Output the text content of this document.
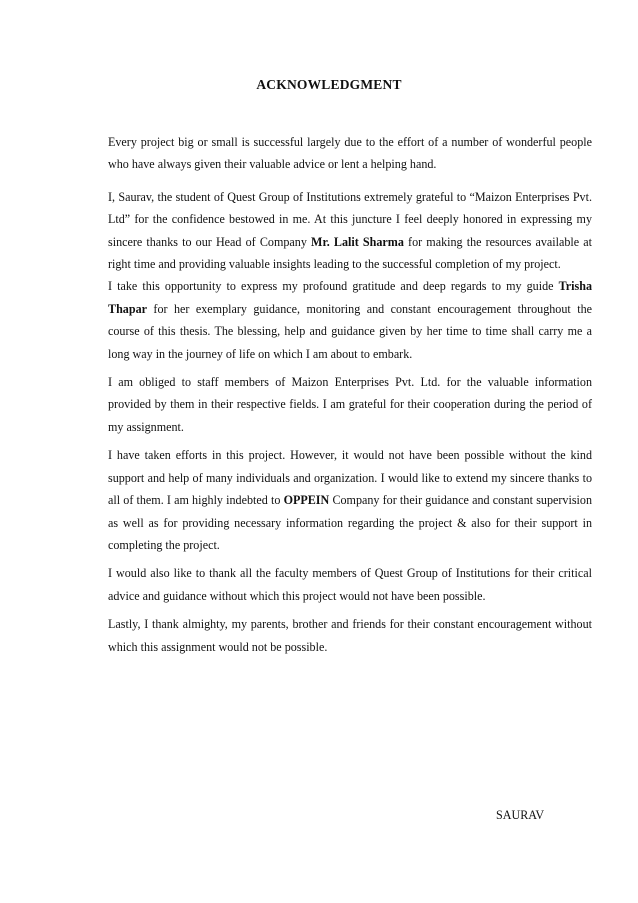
ACKNOWLEDGMENT

Every project big or small is successful largely due to the effort of a number of wonderful people who have always given their valuable advice or lent a helping hand.

I, Saurav, the student of Quest Group of Institutions extremely grateful to “Maizon Enterprises Pvt. Ltd” for the confidence bestowed in me. At this juncture I feel deeply honored in expressing my sincere thanks to our Head of Company Mr. Lalit Sharma for making the resources available at right time and providing valuable insights leading to the successful completion of my project.

I take this opportunity to express my profound gratitude and deep regards to my guide Trisha Thapar for her exemplary guidance, monitoring and constant encouragement throughout the course of this thesis. The blessing, help and guidance given by her time to time shall carry me a long way in the journey of life on which I am about to embark.

I am obliged to staff members of Maizon Enterprises Pvt. Ltd. for the valuable information provided by them in their respective fields. I am grateful for their cooperation during the period of my assignment.

I have taken efforts in this project. However, it would not have been possible without the kind support and help of many individuals and organization. I would like to extend my sincere thanks to all of them. I am highly indebted to OPPEIN Company for their guidance and constant supervision as well as for providing necessary information regarding the project & also for their support in completing the project.

I would also like to thank all the faculty members of Quest Group of Institutions for their critical advice and guidance without which this project would not have been possible.

Lastly, I thank almighty, my parents, brother and friends for their constant encouragement without which this assignment would not be possible.

SAURAV
